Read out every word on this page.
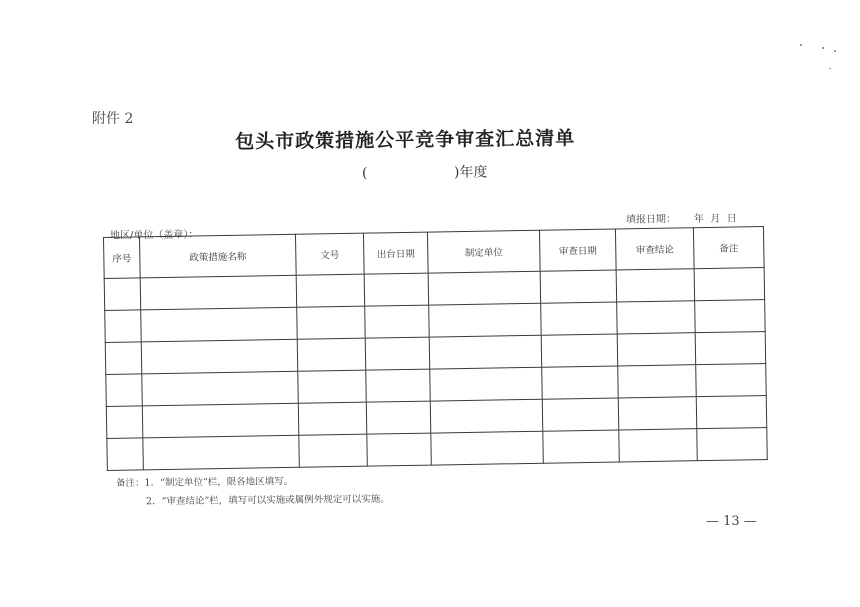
附件 2
包头市政策措施公平竞争审查汇总清单
(	)年度
填报日期： 年 月 日
地区/单位（盖章）：
序号	政策措施名称	文号	出台日期	制定单位	审查日期	审查结论	备注

备注：1．“制定单位”栏，限各地区填写。
2．“审查结论”栏，填写可以实施或属例外规定可以实施。
— 13 —
